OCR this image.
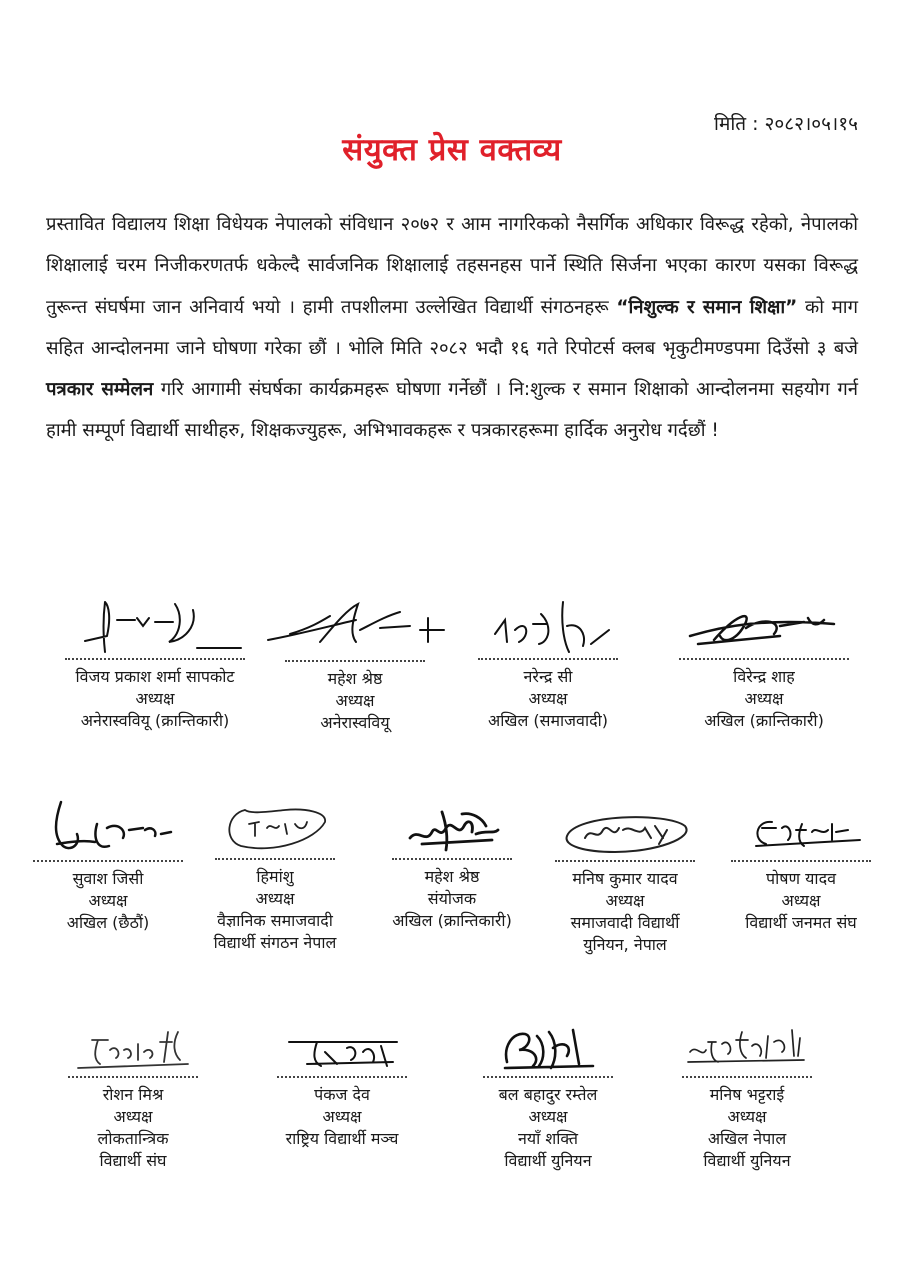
मिति : २०८२।०५।१५
संयुक्त प्रेस वक्तव्य

प्रस्तावित विद्यालय शिक्षा विधेयक नेपालको संविधान २०७२ र आम नागरिकको नैसर्गिक अधिकार विरूद्ध रहेको, नेपालको शिक्षालाई चरम निजीकरणतर्फ धकेल्दै सार्वजनिक शिक्षालाई तहसनहस पार्ने स्थिति सिर्जना भएका कारण यसका विरूद्ध तुरून्त संघर्षमा जान अनिवार्य भयो । हामी तपशीलमा उल्लेखित विद्यार्थी संगठनहरू “निशुल्क र समान शिक्षा” को माग सहित आन्दोलनमा जाने घोषणा गरेका छौं । भोलि मिति २०८२ भदौ १६ गते रिपोटर्स क्लब भृकुटीमण्डपमा दिउँसो ३ बजे पत्रकार सम्मेलन गरि आगामी संघर्षका कार्यक्रमहरू घोषणा गर्नेछौं । नि:शुल्क र समान शिक्षाको आन्दोलनमा सहयोग गर्न हामी सम्पूर्ण विद्यार्थी साथीहरु, शिक्षकज्युहरू, अभिभावकहरू र पत्रकारहरूमा हार्दिक अनुरोध गर्दछौं !

विजय प्रकाश शर्मा सापकोट
अध्यक्ष
अनेरास्ववियू (क्रान्तिकारी)
महेश श्रेष्ठ
अध्यक्ष
अनेरास्ववियू
नरेन्द्र सी
अध्यक्ष
अखिल (समाजवादी)
विरेन्द्र शाह
अध्यक्ष
अखिल (क्रान्तिकारी)
सुवाश जिसी
अध्यक्ष
अखिल (छैठौं)
हिमांशु
अध्यक्ष
वैज्ञानिक समाजवादी
विद्यार्थी संगठन नेपाल
महेश श्रेष्ठ
संयोजक
अखिल (क्रान्तिकारी)
मनिष कुमार यादव
अध्यक्ष
समाजवादी विद्यार्थी
युनियन, नेपाल
पोषण यादव
अध्यक्ष
विद्यार्थी जनमत संघ
रोशन मिश्र
अध्यक्ष
लोकतान्त्रिक
विद्यार्थी संघ
पंकज देव
अध्यक्ष
राष्ट्रिय विद्यार्थी मञ्च
बल बहादुर रम्तेल
अध्यक्ष
नयाँ शक्ति
विद्यार्थी युनियन
मनिष भट्टराई
अध्यक्ष
अखिल नेपाल
विद्यार्थी युनियन
